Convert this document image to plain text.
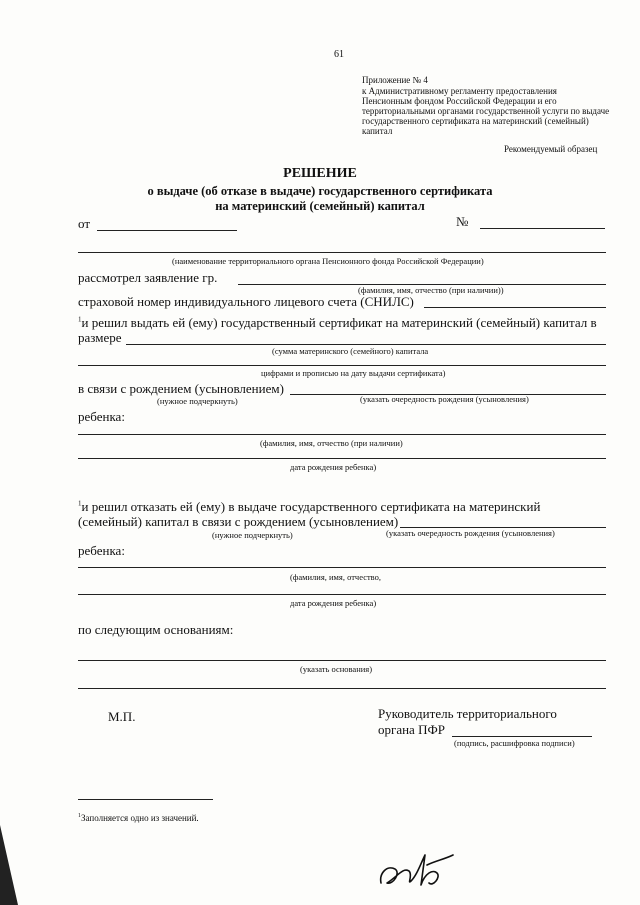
61
Приложение № 4
к Административному регламенту предоставления
Пенсионным фондом Российской Федерации и его
территориальными органами государственной услуги по выдаче
государственного сертификата на материнский (семейный)
капитал
Рекомендуемый образец
РЕШЕНИЕ
о выдаче (об отказе в выдаче) государственного сертификата
на материнский (семейный) капитал
от	№
(наименование территориального органа Пенсионного фонда Российской Федерации)
рассмотрел заявление гр.
(фамилия, имя, отчество (при наличии))
страховой номер индивидуального лицевого счета (СНИЛС)
$^1$и решил выдать ей (ему) государственный сертификат на материнский (семейный) капитал в
размере
(сумма материнского (семейного) капитала
цифрами и прописью на дату выдачи сертификата)
в связи с рождением (усыновлением)
(нужное подчеркнуть)	(указать очередность рождения (усыновления)
ребенка:
(фамилия, имя, отчество (при наличии)
дата рождения ребенка)
$^1$и решил отказать ей (ему) в выдаче государственного сертификата на материнский
(семейный) капитал в связи с рождением (усыновлением)
(нужное подчеркнуть)	(указать очередность рождения (усыновления)
ребенка:
(фамилия, имя, отчество,
дата рождения ребенка)
по следующим основаниям:
(указать основания)
М.П.	Руководитель территориального
органа ПФР
(подпись, расшифровка подписи)
$^1$Заполняется одно из значений.
